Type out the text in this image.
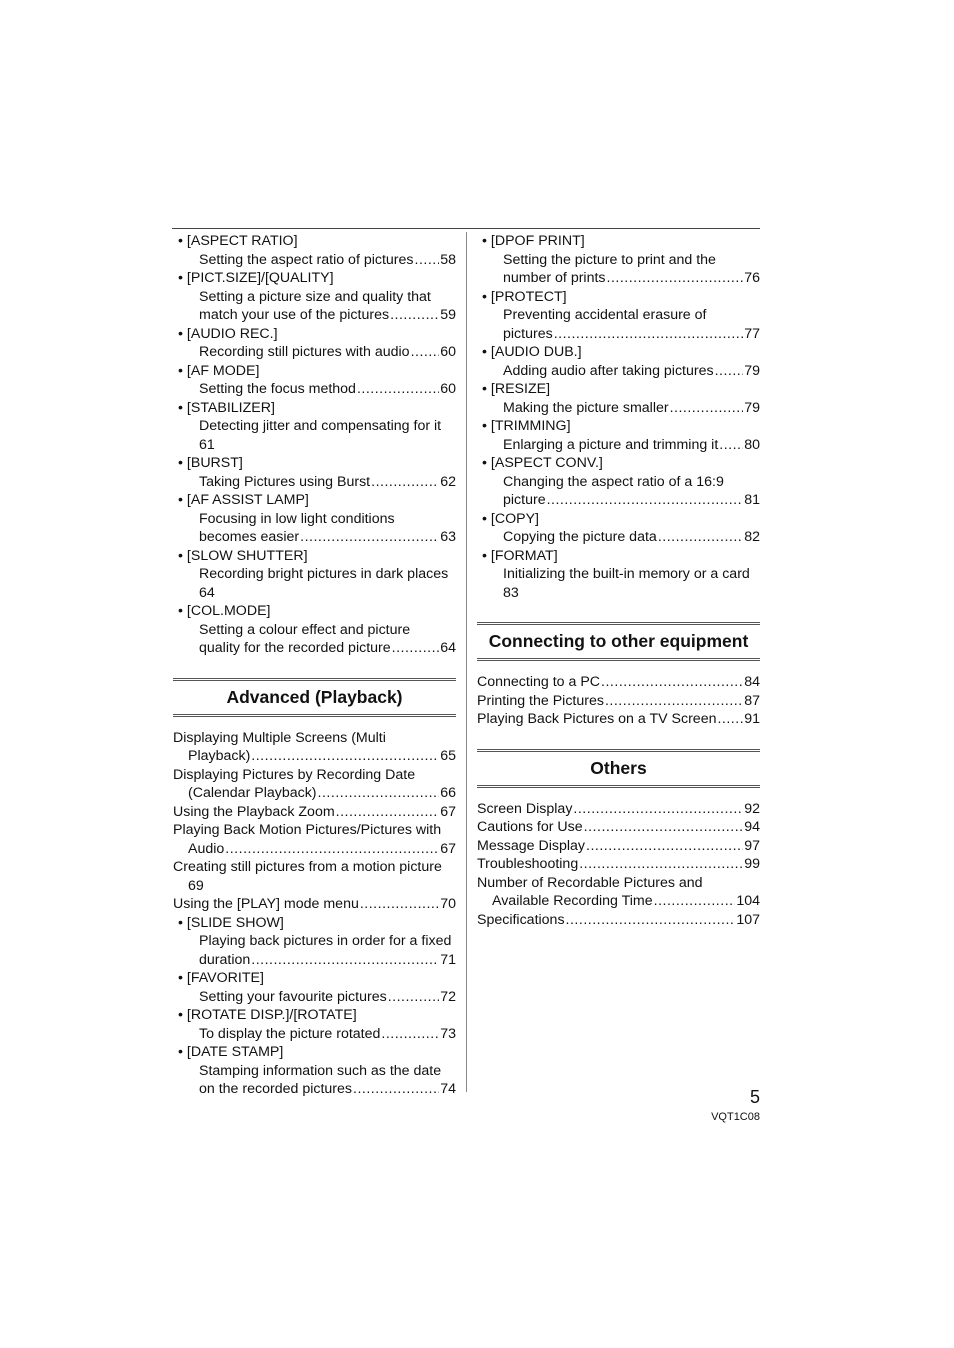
• [ASPECT RATIO]
Setting the aspect ratio of pictures ..... 58
• [PICT.SIZE]/[QUALITY]
Setting a picture size and quality that
match your use of the pictures .....	59
• [AUDIO REC.]
Recording still pictures with audio ..... 60
• [AF MODE]
Setting the focus method .....	60
• [STABILIZER]
Detecting jitter and compensating for it
61
• [BURST]
Taking Pictures using Burst .....	62
• [AF ASSIST LAMP]
Focusing in low light conditions
becomes easier .....	63
• [SLOW SHUTTER]
Recording bright pictures in dark places
64
• [COL.MODE]
Setting a colour effect and picture
quality for the recorded picture .....	64
Advanced (Playback)
Displaying Multiple Screens (Multi
Playback) .....	65
Displaying Pictures by Recording Date
(Calendar Playback) .....	66
Using the Playback Zoom .....	67
Playing Back Motion Pictures/Pictures with
Audio .....	67
Creating still pictures from a motion picture
69
Using the [PLAY] mode menu .....	70
• [SLIDE SHOW]
Playing back pictures in order for a fixed
duration .....	71
• [FAVORITE]
Setting your favourite pictures .....	72
• [ROTATE DISP.]/[ROTATE]
To display the picture rotated .....	73
• [DATE STAMP]
Stamping information such as the date
on the recorded pictures .....	74
• [DPOF PRINT]
Setting the picture to print and the
number of prints .....	76
• [PROTECT]
Preventing accidental erasure of
pictures .....	77
• [AUDIO DUB.]
Adding audio after taking pictures ..... 79
• [RESIZE]
Making the picture smaller .....	79
• [TRIMMING]
Enlarging a picture and trimming it ..... 80
• [ASPECT CONV.]
Changing the aspect ratio of a 16:9
picture .....	81
• [COPY]
Copying the picture data .....	82
• [FORMAT]
Initializing the built-in memory or a card
83
Connecting to other equipment
Connecting to a PC .....	84
Printing the Pictures .....	87
Playing Back Pictures on a TV Screen ..... 91
Others
Screen Display .....	92
Cautions for Use .....	94
Message Display .....	97
Troubleshooting .....	99
Number of Recordable Pictures and
Available Recording Time .....	104
Specifications .....	107
5
VQT1C08
